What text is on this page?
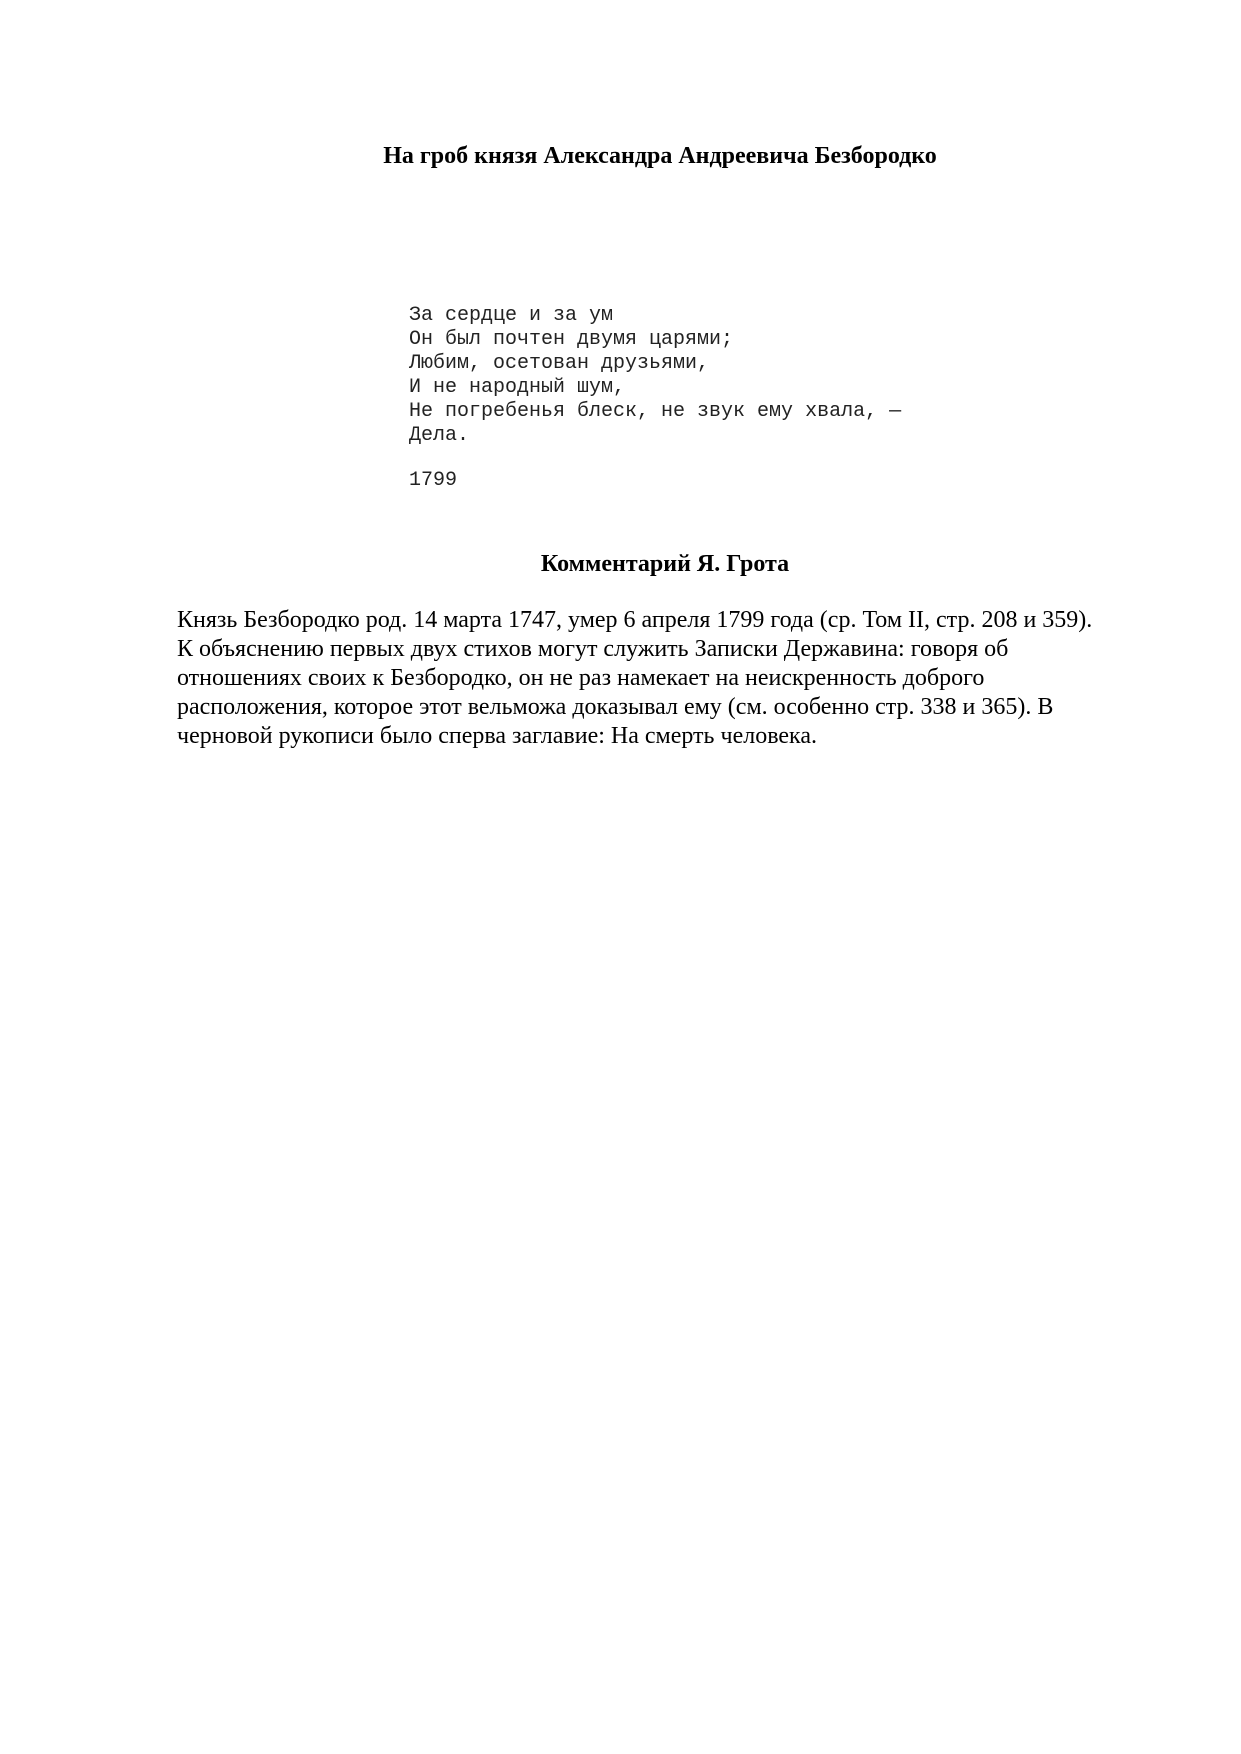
На гроб князя Александра Андреевича Безбородко
За сердце и за ум
Он был почтен двумя царями;
Любим, осетован друзьями,
И не народный шум,
Не погребенья блеск, не звук ему хвала, —
Дела.
1799
Комментарий Я. Грота
Князь Безбородко род. 14 марта 1747, умер 6 апреля 1799 года (ср. Том II, стр. 208 и 359).
К объяснению первых двух стихов могут служить Записки Державина: говоря об
отношениях своих к Безбородко, он не раз намекает на неискренность доброго
расположения, которое этот вельможа доказывал ему (см. особенно стр. 338 и 365). В
черновой рукописи было сперва заглавие: На смерть человека.
